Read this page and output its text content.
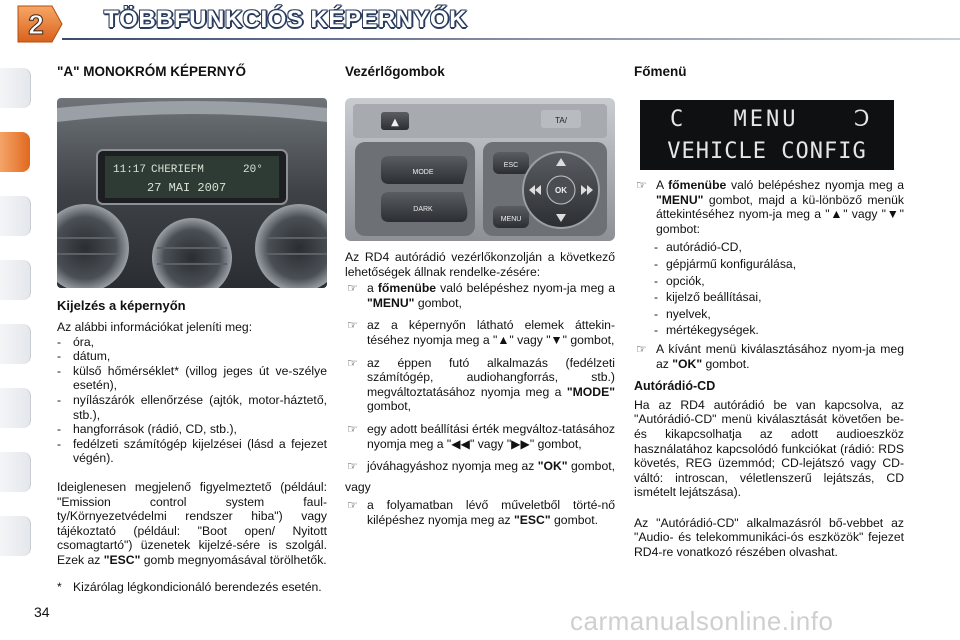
2	TÖBBFUNKCIÓS KÉPERNYŐK
"A" MONOKRÓM KÉPERNYŐ
11:17 CHERIEFM	20°
27 MAI 2007
Kijelzés a képernyőn

Az alábbi információkat jeleníti meg:

- óra,
- dátum,
- külső hőmérséklet* (villog jeges út ve-szélye esetén),
- nyílászárók ellenőrzése (ajtók, motor-háztető, stb.),
- hangforrások (rádió, CD, stb.),
- fedélzeti számítógép kijelzései (lásd a fejezet végén).

Ideiglenesen megjelenő figyelmeztető (például: "Emission control system faul-ty/Környezetvédelmi rendszer hiba") vagy tájékoztató (például: "Boot open/ Nyitott csomagtartó") üzenetek kijelzé-sére is szolgál. Ezek az "ESC" gomb megnyomásával törölhetők.

* Kizárólag légkondicionáló berendezés esetén.
Vezérlőgombok
▲	TA/
MODE
DARK
ESC
MENU
OK

Az RD4 autórádió vezérlőkonzolján a következő lehetőségek állnak rendelke-zésére:

☞ a főmenübe való belépéshez nyom-ja meg a "MENU" gombot,
☞ az a képernyőn látható elemek áttekin-téséhez nyomja meg a "▲" vagy "▼" gombot,
☞ az éppen futó alkalmazás (fedélzeti számítógép, audiohangforrás, stb.) megváltoztatásához nyomja meg a "MODE" gombot,
☞ egy adott beállítási érték megváltoz-tatásához nyomja meg a "◀◀" vagy "▶▶" gombot,
☞ jóváhagyáshoz nyomja meg az "OK" gombot,

vagy

☞ a folyamatban lévő műveletből törté-nő kilépéshez nyomja meg az "ESC" gombot.
Főmenü
C MENU	Ↄ
VEHICLE CONFIG
☞ A főmenübe való belépéshez nyomja meg a "MENU" gombot, majd a kü-lönböző menük áttekintéséhez nyom-ja meg a "▲" vagy "▼" gombot:
- autórádió-CD,
- gépjármű konfigurálása,
- opciók,
- kijelző beállításai,
- nyelvek,
- mértékegységek.
☞ A kívánt menü kiválasztásához nyom-ja meg az "OK" gombot.
Autórádió-CD

Ha az RD4 autórádió be van kapcsolva, az "Autórádió-CD" menü kiválasztását követően be- és kikapcsolhatja az adott audioeszköz használatához kapcsolódó funkciókat (rádió: RDS követés, REG üzemmód; CD-lejátszó vagy CD-váltó: introscan, véletlenszerű lejátszás, CD ismételt lejátszása).

Az "Autórádió-CD" alkalmazásról bő-vebbet az "Audio- és telekommunikáci-ós eszközök" fejezet RD4-re vonatkozó részében olvashat.

34	carmanualsonline.info
